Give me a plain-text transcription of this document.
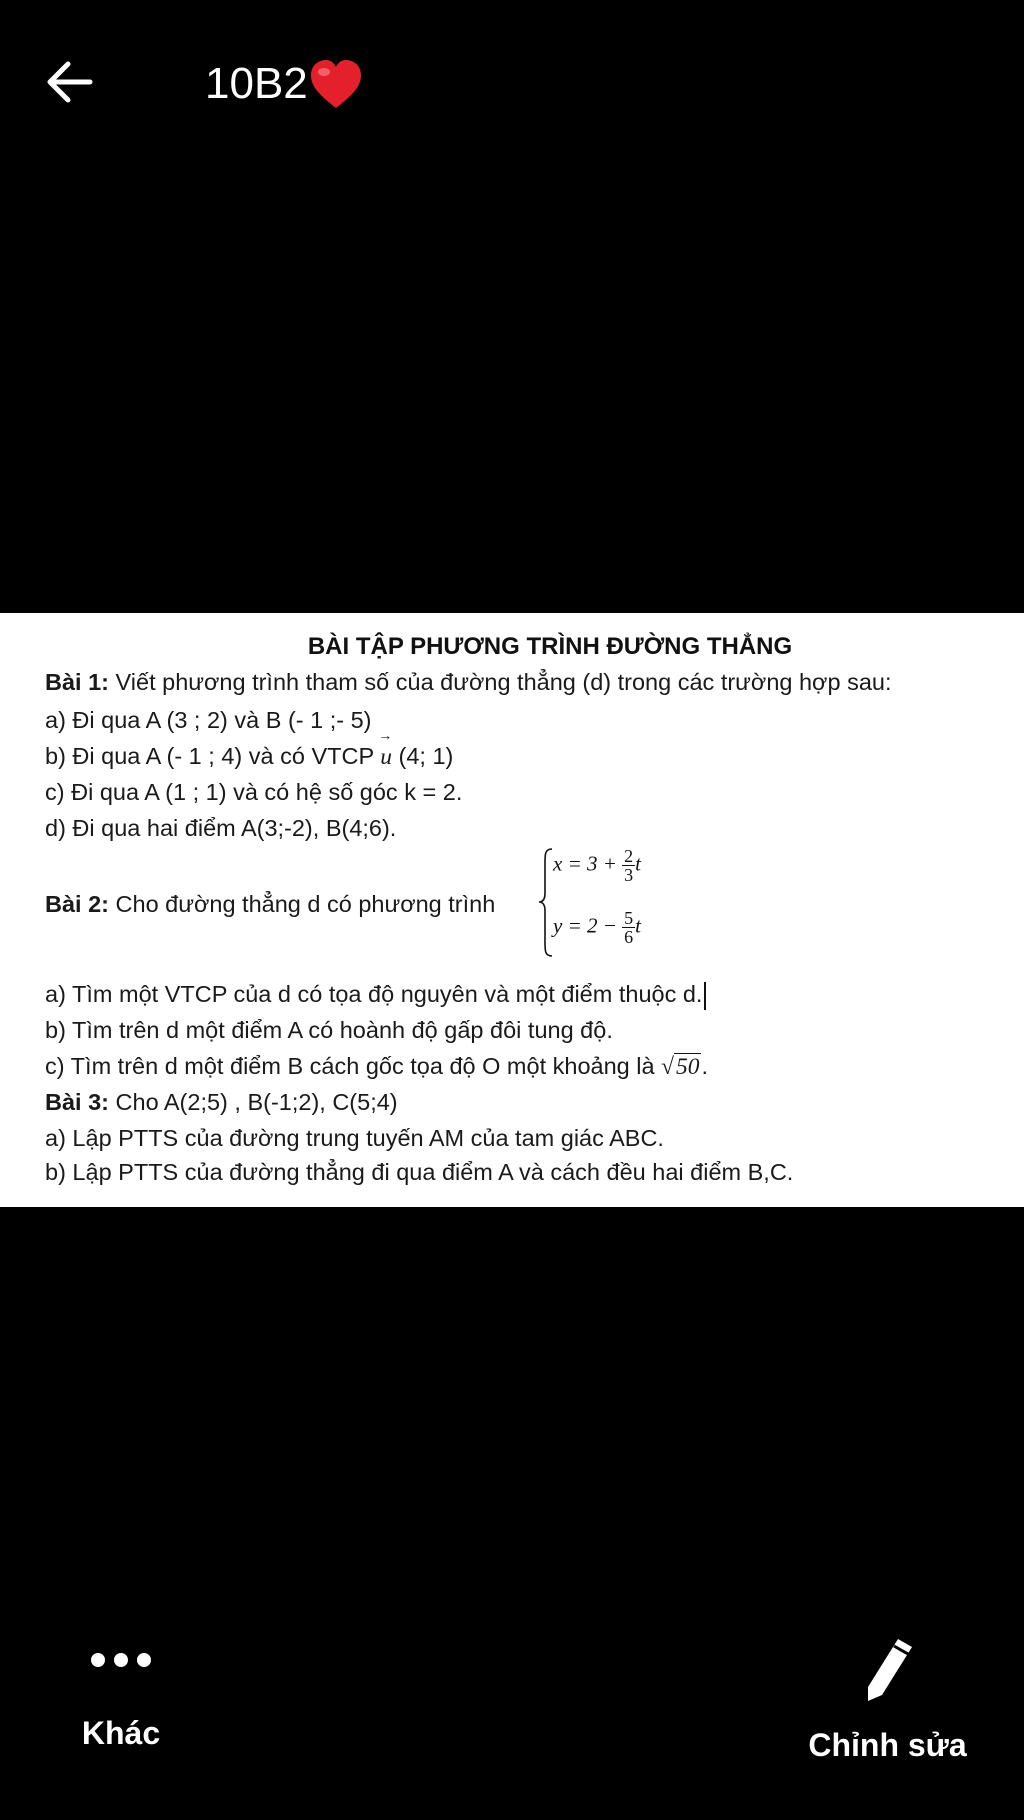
10B2
BÀI TẬP PHƯƠNG TRÌNH ĐƯỜNG THẲNG
Bài 1: Viết phương trình tham số của đường thẳng (d) trong các trường hợp sau:
a) Đi qua A (3 ; 2) và B (- 1 ;- 5)
b) Đi qua A (- 1 ; 4) và có VTCP → u (4; 1)
c) Đi qua A (1 ; 1) và có hệ số góc k = 2.
d) Đi qua hai điểm A(3;-2), B(4;6).
Bài 2: Cho đường thẳng d có phương trình
$x = 3 + \frac{2}{3}$ t
$y = 2 - \frac{5}{6}$ t
a) Tìm một VTCP của d có tọa độ nguyên và một điểm thuộc d.
b) Tìm trên d một điểm A có hoành độ gấp đôi tung độ.
c) Tìm trên d một điểm B cách gốc tọa độ O một khoảng là √50.
Bài 3: Cho A(2;5) , B(-1;2), C(5;4)
a) Lập PTTS của đường trung tuyến AM của tam giác ABC.
b) Lập PTTS của đường thẳng đi qua điểm A và cách đều hai điểm B,C.
Khác	Chỉnh sửa
